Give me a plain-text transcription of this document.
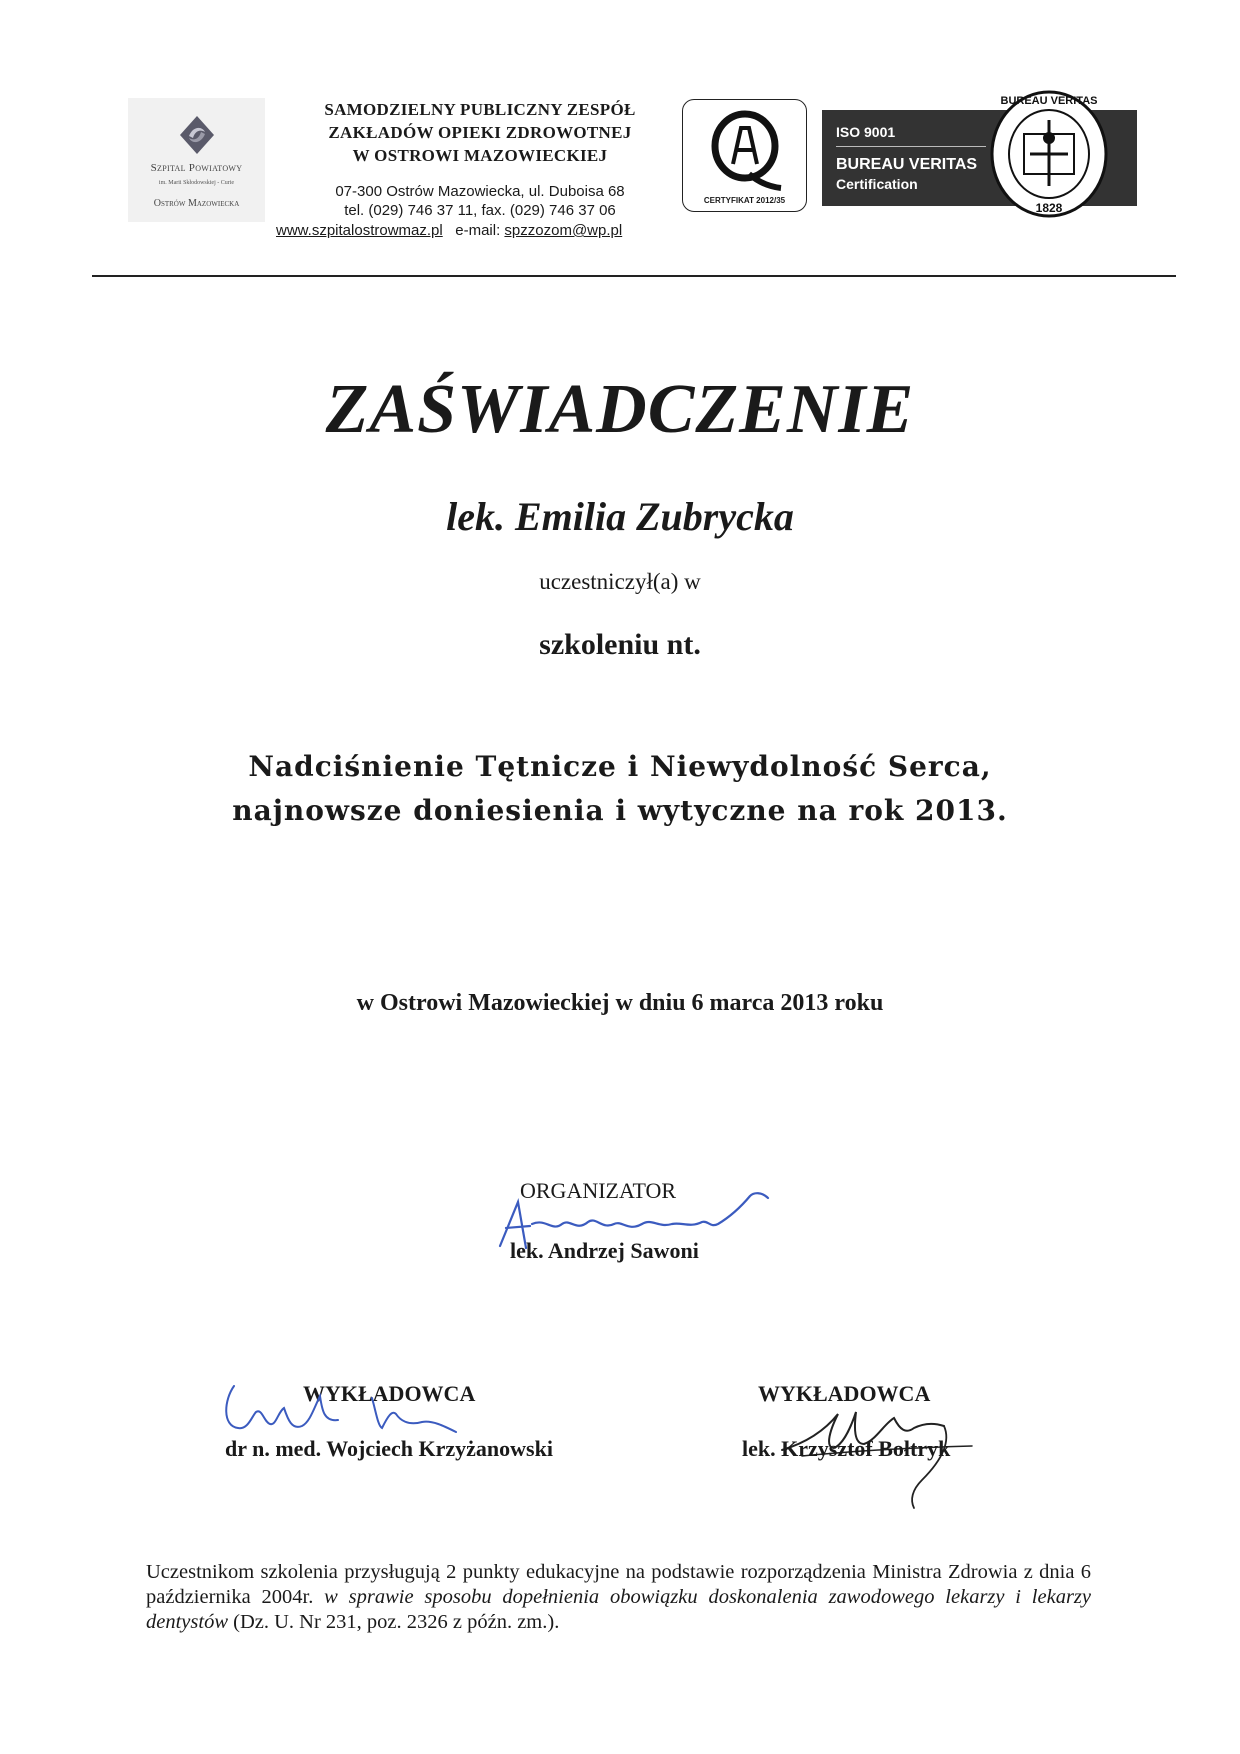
Szpital Powiatowy
im. Marii Skłodowskiej - Curie
Ostrów Mazowiecka
SAMODZIELNY PUBLICZNY ZESPÓŁ
ZAKŁADÓW OPIEKI ZDROWOTNEJ
W OSTROWI MAZOWIECKIEJ
07-300 Ostrów Mazowiecka, ul. Duboisa 68
tel. (029) 746 37 11, fax. (029) 746 37 06
www.szpitalostrowmaz.pl e-mail: spzzozom@wp.pl
CERTYFIKAT 2012/35
ISO 9001
BUREAU VERITAS
Certification
BUREAU VERITAS
1828
ZAŚWIADCZENIE
lek. Emilia Zubrycka
uczestniczył(a) w
szkoleniu nt.
Nadciśnienie Tętnicze i Niewydolność Serca,
najnowsze doniesienia i wytyczne na rok 2013.
w Ostrowi Mazowieckiej w dniu 6 marca 2013 roku
ORGANIZATOR
lek. Andrzej Sawoni
WYKŁADOWCA
dr n. med. Wojciech Krzyżanowski
WYKŁADOWCA
lek. Krzysztof Bołtryk
Uczestnikom szkolenia przysługują 2 punkty edukacyjne na podstawie rozporządzenia Ministra Zdrowia z dnia 6 października 2004r. w sprawie sposobu dopełnienia obowiązku doskonalenia zawodowego lekarzy i lekarzy dentystów (Dz. U. Nr 231, poz. 2326 z późn. zm.).
